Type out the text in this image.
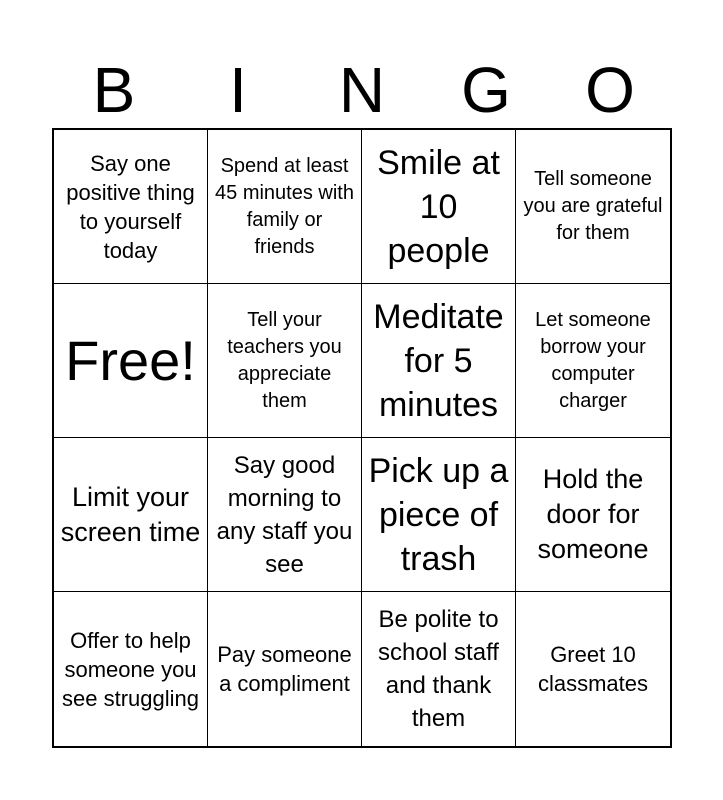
B	I	N	G	O
Say one positive thing to yourself today
Spend at least 45 minutes with family or friends
Smile at 10 people
Tell someone you are grateful for them
Free!
Tell your teachers you appreciate them
Meditate for 5 minutes
Let someone borrow your computer charger
Limit your screen time
Say good morning to any staff you see
Pick up a piece of trash
Hold the door for someone
Offer to help someone you see struggling
Pay someone a compliment
Be polite to school staff and thank them
Greet 10 classmates
